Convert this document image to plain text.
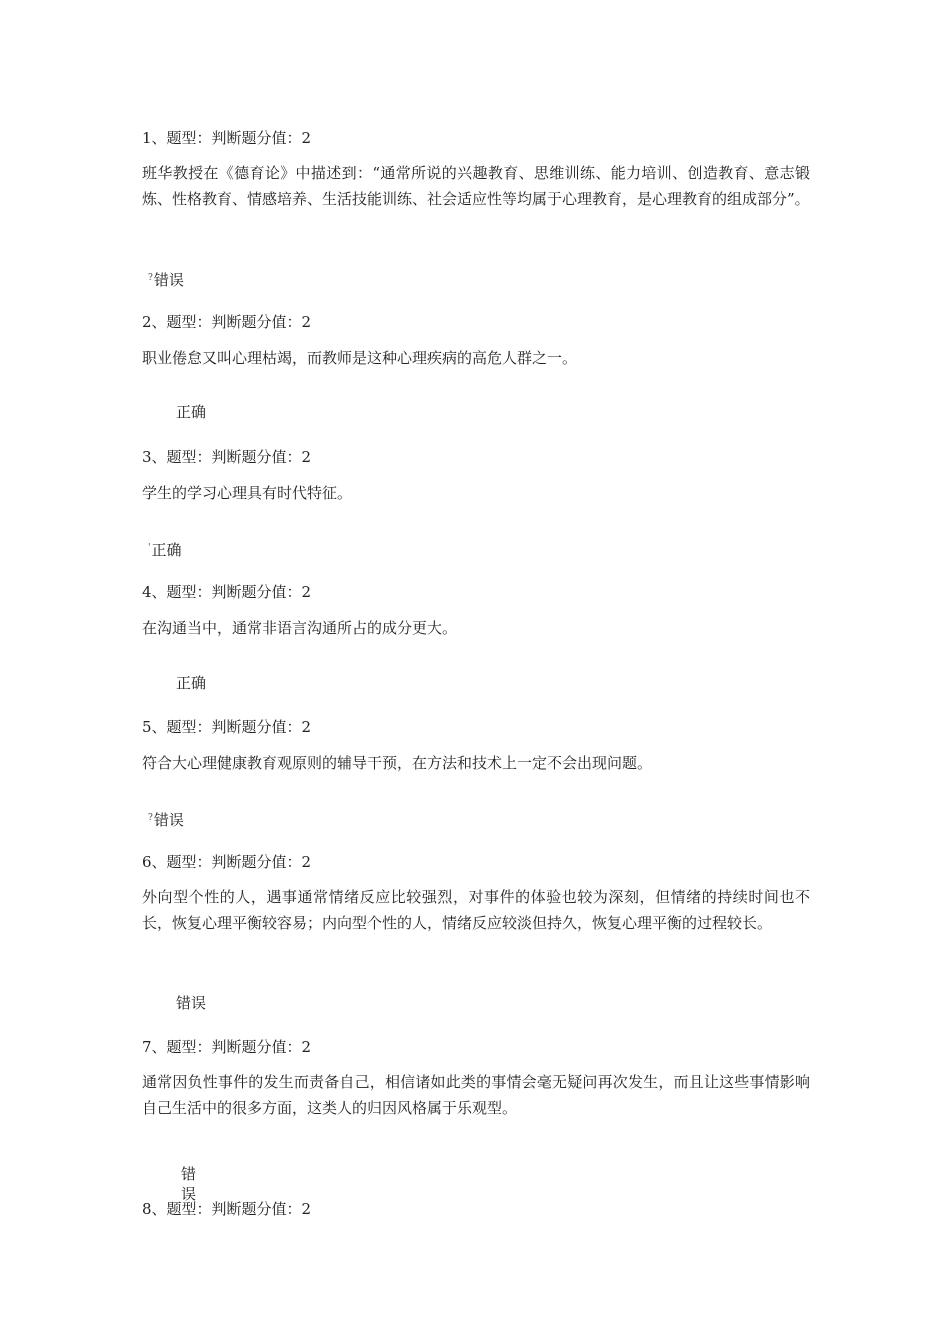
1、题型：判断题分值：2
班华教授在《德育论》中描述到：“通常所说的兴趣教育、思维训练、能力培训、创造教育、意志锻炼、性格教育、情感培养、生活技能训练、社会适应性等均属于心理教育，是心理教育的组成部分”。
?错误
2、题型：判断题分值：2
职业倦怠又叫心理枯竭，而教师是这种心理疾病的高危人群之一。
正确
3、题型：判断题分值：2
学生的学习心理具有时代特征。
'正确
4、题型：判断题分值：2
在沟通当中，通常非语言沟通所占的成分更大。
正确
5、题型：判断题分值：2
符合大心理健康教育观原则的辅导干预，在方法和技术上一定不会出现问题。
?错误
6、题型：判断题分值：2
外向型个性的人，遇事通常情绪反应比较强烈，对事件的体验也较为深刻，但情绪的持续时间也不长，恢复心理平衡较容易；内向型个性的人，情绪反应较淡但持久，恢复心理平衡的过程较长。
错误
7、题型：判断题分值：2
通常因负性事件的发生而责备自己，相信诸如此类的事情会毫无疑问再次发生，而且让这些事情影响自己生活中的很多方面，这类人的归因风格属于乐观型。
错误
8、题型：判断题分值：2
